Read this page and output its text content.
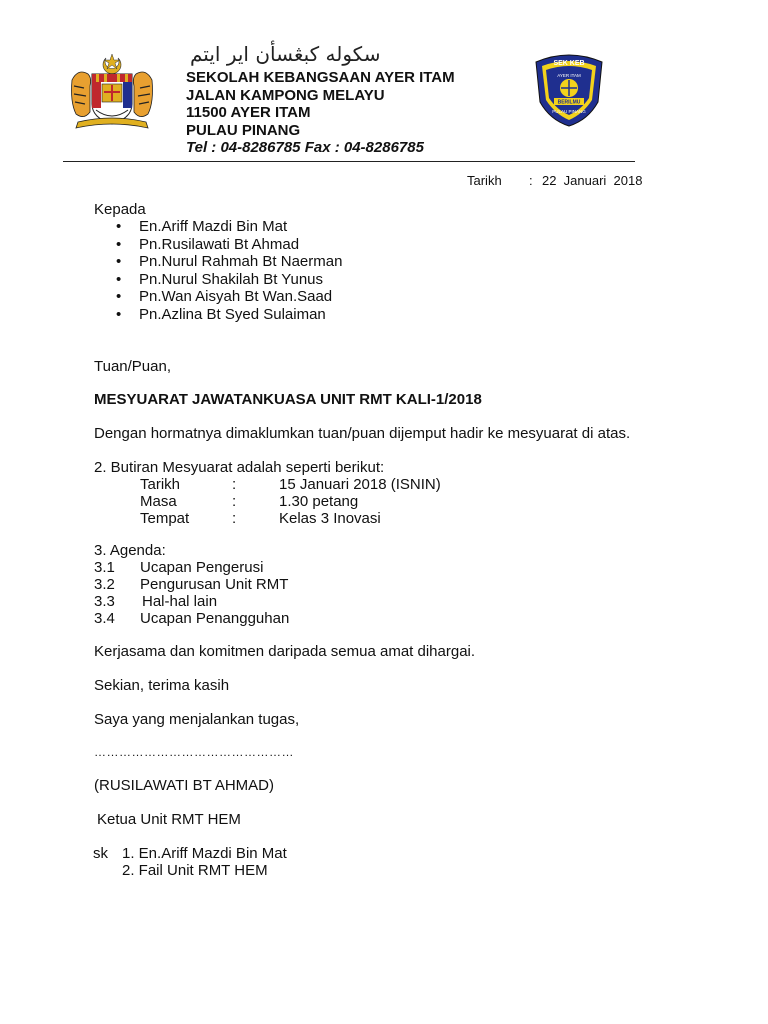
سکوله کبڠسأن اير ايتم
SEKOLAH KEBANGSAAN AYER ITAM
JALAN KAMPONG MELAYU
11500 AYER ITAM
PULAU PINANG
Tel : 04-8286785 Fax : 04-8286785
SEK KEB
AYER ITAM
BERILMU
PULAU PINANG
Tarikh : 22  Januari  2018
Kepada
• En.Ariff Mazdi Bin Mat
• Pn.Rusilawati Bt Ahmad
• Pn.Nurul Rahmah Bt Naerman
• Pn.Nurul Shakilah Bt Yunus
• Pn.Wan Aisyah Bt Wan.Saad
• Pn.Azlina Bt Syed Sulaiman
Tuan/Puan,
MESYUARAT JAWATANKUASA UNIT RMT KALI-1/2018
Dengan hormatnya dimaklumkan tuan/puan dijemput hadir ke mesyuarat di atas.
2. Butiran Mesyuarat adalah seperti berikut:
Tarikh	:	15 Januari 2018 (ISNIN)
Masa	:	1.30 petang
Tempat	:	Kelas 3 Inovasi
3. Agenda:
3.1 Ucapan Pengerusi
3.2 Pengurusan Unit RMT
3.3 Hal-hal lain
3.4 Ucapan Penangguhan
Kerjasama dan komitmen daripada semua amat dihargai.
Sekian, terima kasih
Saya yang menjalankan tugas,
…………………………………………
(RUSILAWATI BT AHMAD)
Ketua Unit RMT HEM
sk 1. En.Ariff Mazdi Bin Mat
2. Fail Unit RMT HEM
